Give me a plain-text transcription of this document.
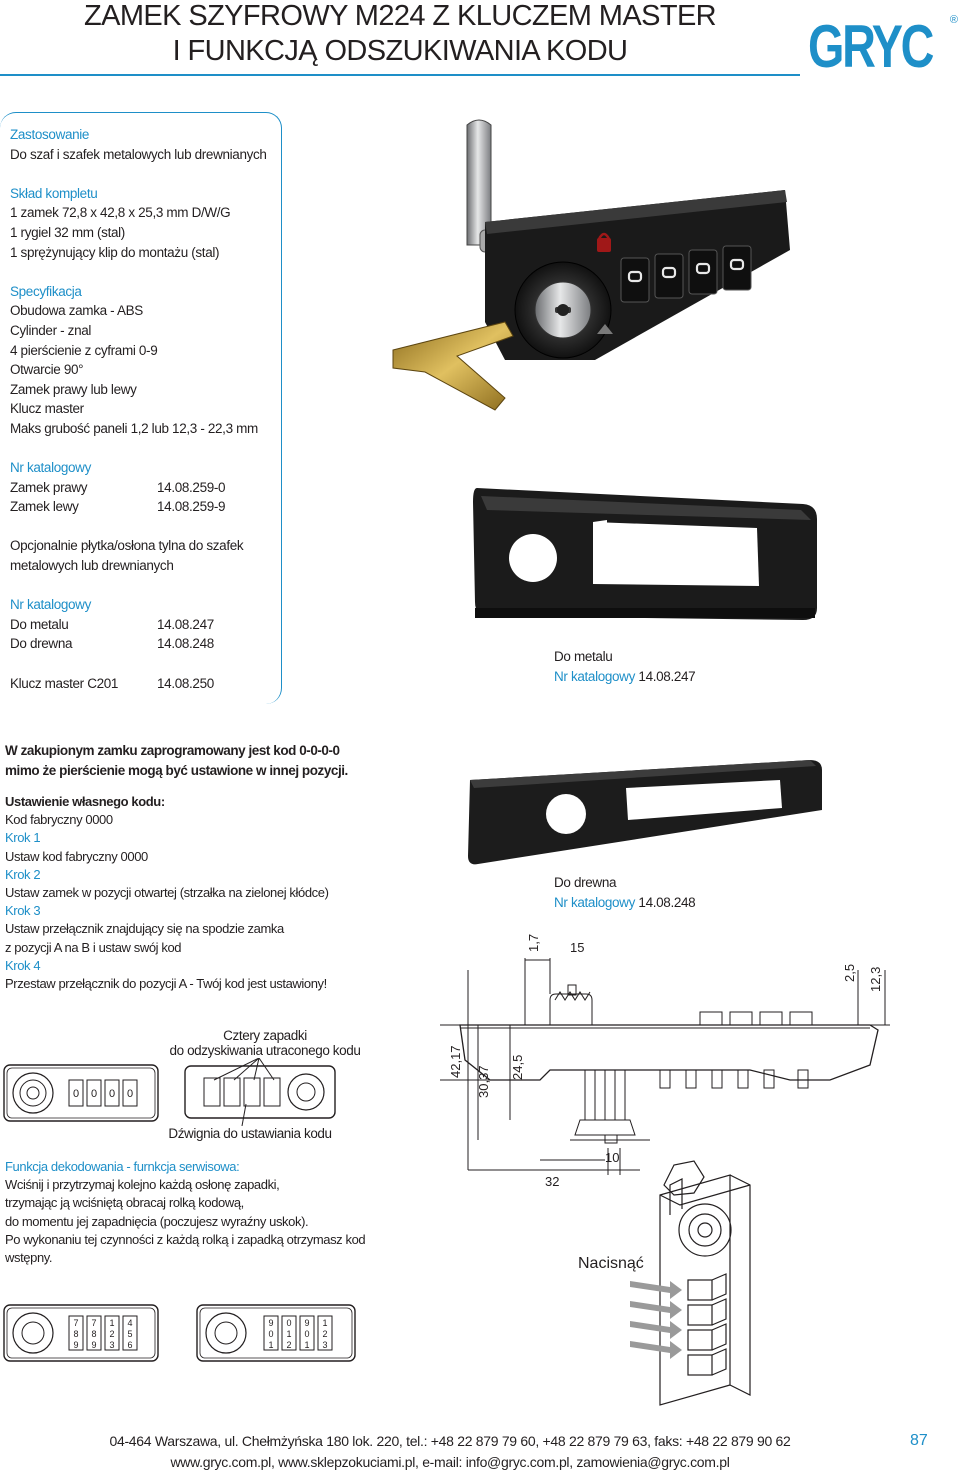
ZAMEK SZYFROWY M224 Z KLUCZEM MASTER
I FUNKCJĄ ODSZUKIWANIA KODU	GRYC ®
Zastosowanie
Do szaf i szafek metalowych lub drewnianych
Skład kompletu
1 zamek 72,8 x 42,8 x 25,3 mm D/W/G
1 rygiel 32 mm (stal)
1 sprężynujący klip do montażu (stal)
Specyfikacja
Obudowa zamka - ABS
Cylinder - znal
4 pierścienie z cyframi 0-9
Otwarcie 90°
Zamek prawy lub lewy
Klucz master
Maks grubość paneli 1,2 lub 12,3 - 22,3 mm
Nr katalogowy
Zamek prawy	14.08.259-0
Zamek lewy	14.08.259-9
Opcjonalnie płytka/osłona tylna do szafek
metalowych lub drewnianych
Nr katalogowy
Do metalu	14.08.247
Do drewna	14.08.248
Klucz master C201	14.08.250
Do metalu
Nr katalogowy 14.08.247
Do drewna
Nr katalogowy 14.08.248
W zakupionym zamku zaprogramowany jest kod 0-0-0-0
mimo że pierścienie mogą być ustawione w innej pozycji.
Ustawienie własnego kodu:
Kod fabryczny 0000
Krok 1
Ustaw kod fabryczny 0000
Krok 2
Ustaw zamek w pozycji otwartej (strzałka na zielonej kłódce)
Krok 3
Ustaw przełącznik znajdujący się na spodzie zamka
z pozycji A na B i ustaw swój kod
Krok 4
Przestaw przełącznik do pozycji A - Twój kod jest ustawiony!
0 0 0 0
Cztery zapadki
do odzyskiwania utraconego kodu
Dźwignia do ustawiania kodu
7 7 1 4
8 8 2 5
9 9 3 6
9 0 9 1
0 1 0 2
1 2 1 3
Funkcja dekodowania - furnkcja serwisowa:
Wciśnij i przytrzymaj kolejno każdą osłonę zapadki,
trzymając ją wciśniętą obracaj rolką kodową,
do momentu jej zapadnięcia (poczujesz wyraźny uskok).
Po wykonaniu tej czynności z każdą rolką i zapadką otrzymasz kod
wstępny.
1,7 15
2,5 12,3
42,17
30,37 24,5
10
32
Nacisnąć
04-464 Warszawa, ul. Chełmżyńska 180 lok. 220, tel.: +48 22 879 79 60, +48 22 879 79 63, faks: +48 22 879 90 62
www.gryc.com.pl, www.sklepzokuciami.pl, e-mail: info@gryc.com.pl, zamowienia@gryc.com.pl
87
